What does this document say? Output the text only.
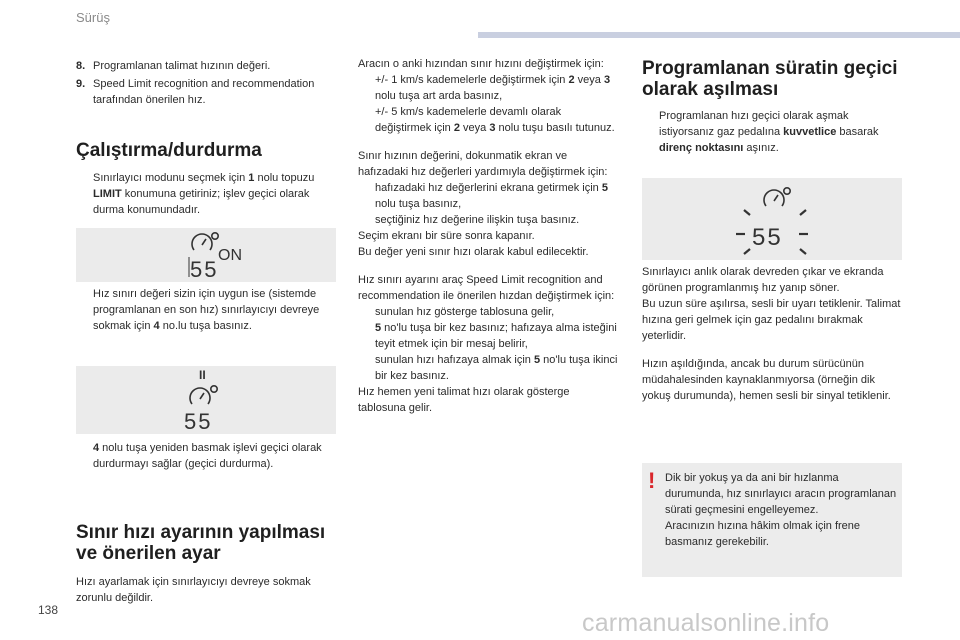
Sürüş

8. Programlanan talimat hızının değeri.

9. Speed Limit recognition and recommendation tarafından önerilen hız.

Çalıştırma/durdurma

Sınırlayıcı modunu seçmek için 1 nolu topuzu LIMIT konumuna getiriniz; işlev geçici olarak durma konumundadır.

ON
55

Hız sınırı değeri sizin için uygun ise (sistemde programlanan en son hız) sınırlayıcıyı devreye sokmak için 4 no.lu tuşa basınız.

II
55

4 nolu tuşa yeniden basmak işlevi geçici olarak durdurmayı sağlar (geçici durdurma).

Sınır hızı ayarının yapılması ve önerilen ayar

Hızı ayarlamak için sınırlayıcıyı devreye sokmak zorunlu değildir.

Aracın o anki hızından sınır hızını değiştirmek için:

+/- 1 km/s kademelerle değiştirmek için 2 veya 3 nolu tuşa art arda basınız,

+/- 5 km/s kademelerle devamlı olarak değiştirmek için 2 veya 3 nolu tuşu basılı tutunuz.

Sınır hızının değerini, dokunmatik ekran ve hafızadaki hız değerleri yardımıyla değiştirmek için:

hafızadaki hız değerlerini ekrana getirmek için 5 nolu tuşa basınız,

seçtiğiniz hız değerine ilişkin tuşa basınız.

Seçim ekranı bir süre sonra kapanır.

Bu değer yeni sınır hızı olarak kabul edilecektir.

Hız sınırı ayarını araç Speed Limit recognition and recommendation ile önerilen hızdan değiştirmek için:

sunulan hız gösterge tablosuna gelir,

5 no'lu tuşa bir kez basınız; hafızaya alma isteğini teyit etmek için bir mesaj belirir,

sunulan hızı hafızaya almak için 5 no'lu tuşa ikinci bir kez basınız.

Hız hemen yeni talimat hızı olarak gösterge tablosuna gelir.

Programlanan süratin geçici olarak aşılması

Programlanan hızı geçici olarak aşmak istiyorsanız gaz pedalına kuvvetlice basarak direnç noktasını aşınız.

55

Sınırlayıcı anlık olarak devreden çıkar ve ekranda görünen programlanmış hız yanıp söner.

Bu uzun süre aşılırsa, sesli bir uyarı tetiklenir. Talimat hızına geri gelmek için gaz pedalını bırakmak yeterlidir.

Hızın aşıldığında, ancak bu durum sürücünün müdahalesinden kaynaklanmıyorsa (örneğin dik yokuş durumunda), hemen sesli bir sinyal tetiklenir.

! Dik bir yokuş ya da ani bir hızlanma durumunda, hız sınırlayıcı aracın programlanan sürati geçmesini engelleyemez.

Aracınızın hızına hâkim olmak için frene basmanız gerekebilir.

138	carmanualsonline.info
